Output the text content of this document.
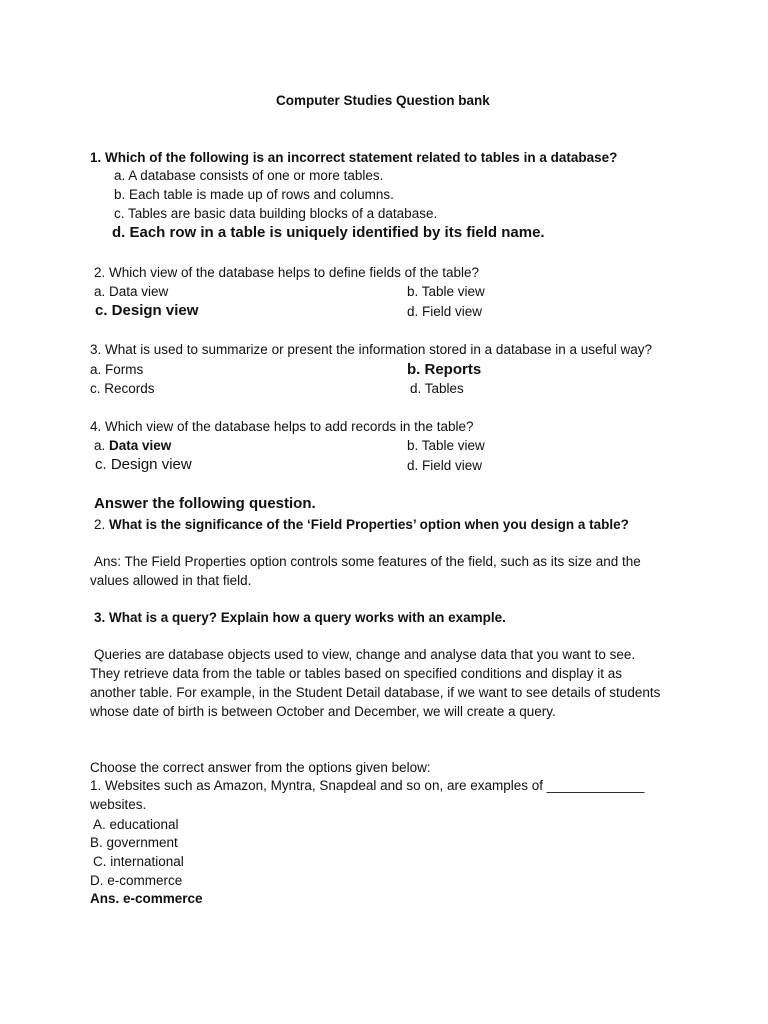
Computer Studies Question bank
1. Which of the following is an incorrect statement related to tables in a database?
a. A database consists of one or more tables.
b. Each table is made up of rows and columns.
c. Tables are basic data building blocks of a database.
d. Each row in a table is uniquely identified by its field name.
2. Which view of the database helps to define fields of the table?
a. Data view	b. Table view
c. Design view	d. Field view
3. What is used to summarize or present the information stored in a database in a useful way?
a. Forms	b. Reports
c. Records	d. Tables
4. Which view of the database helps to add records in the table?
a. Data view	b. Table view
c. Design view	d. Field view
Answer the following question.
2. What is the significance of the ‘Field Properties’ option when you design a table?
Ans: The Field Properties option controls some features of the field, such as its size and the
values allowed in that field.
3. What is a query? Explain how a query works with an example.
Queries are database objects used to view, change and analyse data that you want to see.
They retrieve data from the table or tables based on specified conditions and display it as
another table. For example, in the Student Detail database, if we want to see details of students
whose date of birth is between October and December, we will create a query.
Choose the correct answer from the options given below:
1. Websites such as Amazon, Myntra, Snapdeal and so on, are examples of _____________
websites.
A. educational
B. government
C. international
D. e-commerce
Ans. e-commerce
